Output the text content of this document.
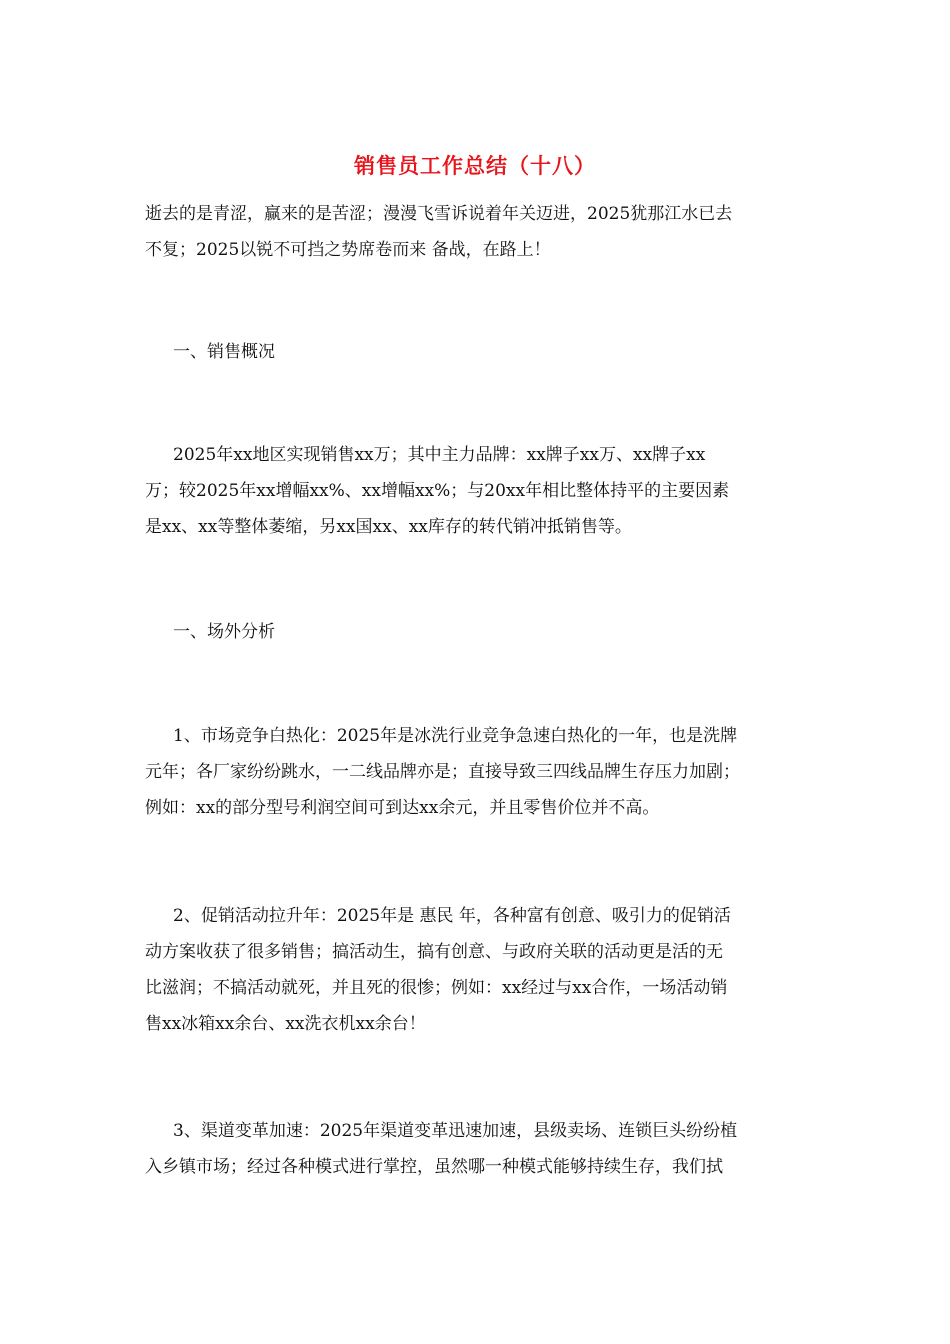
销售员工作总结（十八）
逝去的是青涩，赢来的是苦涩；漫漫飞雪诉说着年关迈进，2025犹那江水已去
不复；2025以锐不可挡之势席卷而来 备战，在路上！
一、销售概况
2025年xx地区实现销售xx万；其中主力品牌：xx牌子xx万、xx牌子xx
万；较2025年xx增幅xx%、xx增幅xx%；与20xx年相比整体持平的主要因素
是xx、xx等整体萎缩，另xx国xx、xx库存的转代销冲抵销售等。
一、场外分析
1、市场竞争白热化：2025年是冰洗行业竞争急速白热化的一年，也是洗牌
元年；各厂家纷纷跳水，一二线品牌亦是；直接导致三四线品牌生存压力加剧；
例如：xx的部分型号利润空间可到达xx余元，并且零售价位并不高。
2、促销活动拉升年：2025年是 惠民 年，各种富有创意、吸引力的促销活
动方案收获了很多销售；搞活动生，搞有创意、与政府关联的活动更是活的无
比滋润；不搞活动就死，并且死的很惨；例如：xx经过与xx合作，一场活动销
售xx冰箱xx余台、xx洗衣机xx余台！
3、渠道变革加速：2025年渠道变革迅速加速，县级卖场、连锁巨头纷纷植
入乡镇市场；经过各种模式进行掌控，虽然哪一种模式能够持续生存，我们拭
